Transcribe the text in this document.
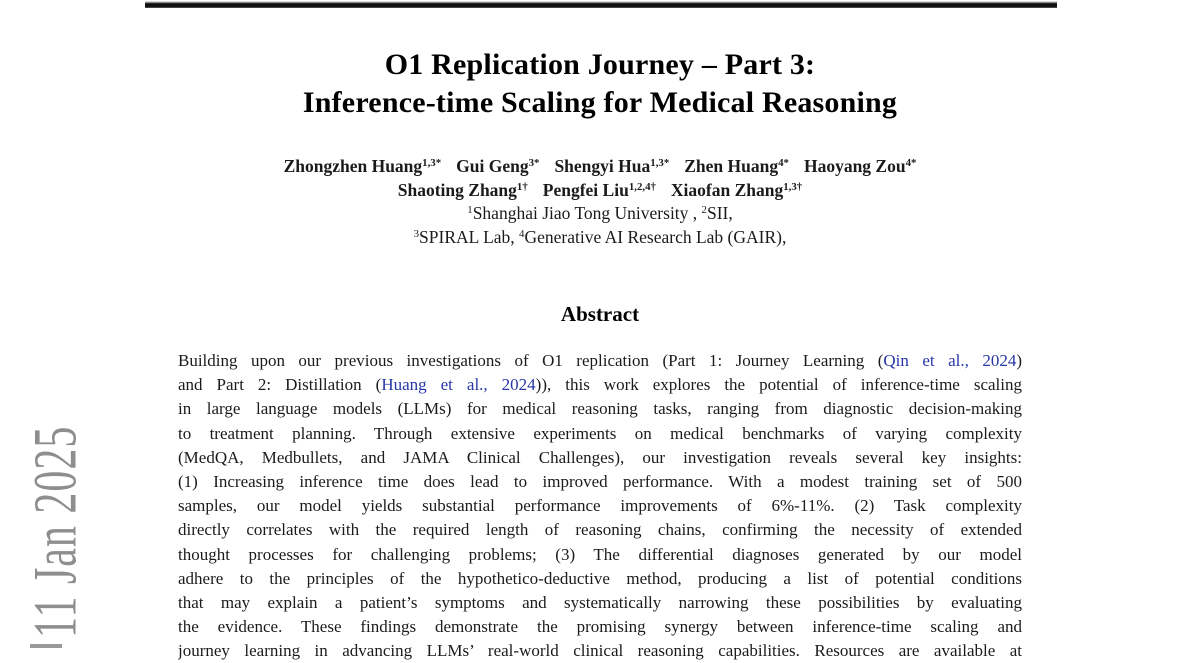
11 Jan 2025
O1 Replication Journey – Part 3:
Inference-time Scaling for Medical Reasoning
Zhongzhen Huang$^{1,3*}$ Gui Geng$^{3*}$ Shengyi Hua$^{1,3*}$ Zhen Huang$^{4*}$ Haoyang Zou$^{4*}$
Shaoting Zhang$^{1\dagger}$ Pengfei Liu$^{1,2,4\dagger}$ Xiaofan Zhang$^{1,3\dagger}$
$^1$Shanghai Jiao Tong University , $^2$SII,
$^3$SPIRAL Lab, $^4$Generative AI Research Lab (GAIR),
Abstract
Building upon our previous investigations of O1 replication (Part 1: Journey Learning (Qin et al., 2024)
and Part 2: Distillation (Huang et al., 2024)), this work explores the potential of inference-time scaling
in large language models (LLMs) for medical reasoning tasks, ranging from diagnostic decision-making
to treatment planning. Through extensive experiments on medical benchmarks of varying complexity
(MedQA, Medbullets, and JAMA Clinical Challenges), our investigation reveals several key insights:
(1) Increasing inference time does lead to improved performance. With a modest training set of 500
samples, our model yields substantial performance improvements of 6%-11%. (2) Task complexity
directly correlates with the required length of reasoning chains, confirming the necessity of extended
thought processes for challenging problems; (3) The differential diagnoses generated by our model
adhere to the principles of the hypothetico-deductive method, producing a list of potential conditions
that may explain a patient’s symptoms and systematically narrowing these possibilities by evaluating
the evidence. These findings demonstrate the promising synergy between inference-time scaling and
journey learning in advancing LLMs’ real-world clinical reasoning capabilities. Resources are available at
